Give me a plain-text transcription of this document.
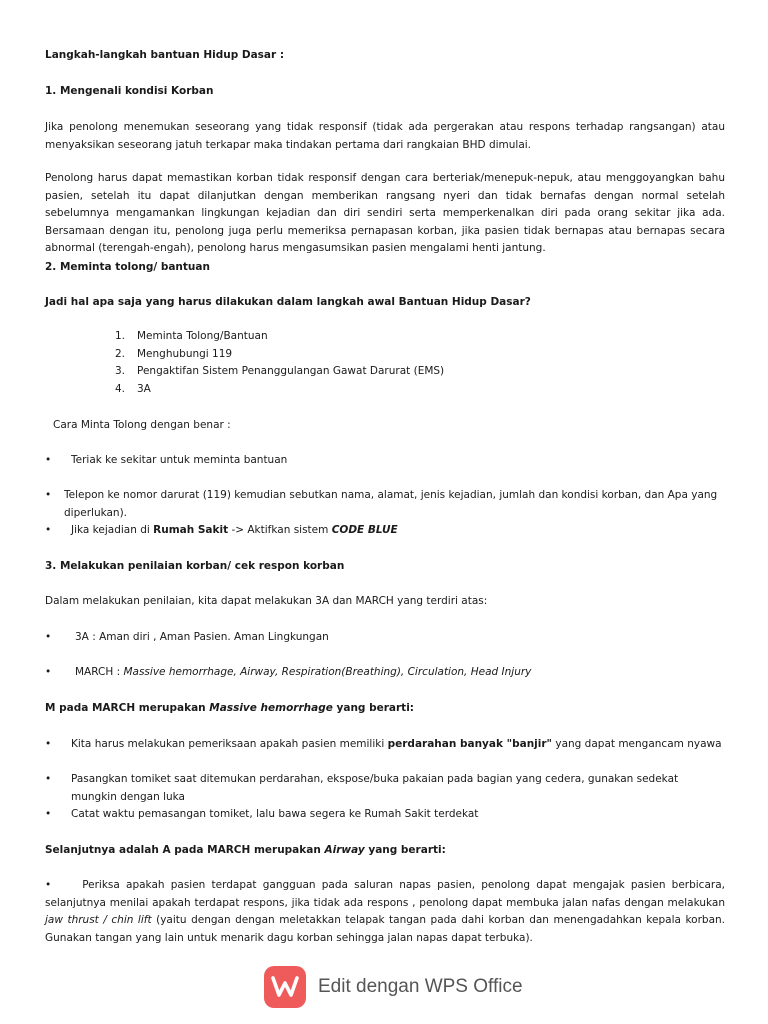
Langkah-langkah bantuan Hidup Dasar :
1. Mengenali kondisi Korban
Jika penolong menemukan seseorang yang tidak responsif (tidak ada pergerakan atau respons terhadap rangsangan) atau menyaksikan seseorang jatuh terkapar maka tindakan pertama dari rangkaian BHD dimulai.
Penolong harus dapat memastikan korban tidak responsif dengan cara berteriak/menepuk-nepuk, atau menggoyangkan bahu pasien, setelah itu dapat dilanjutkan dengan memberikan rangsang nyeri dan tidak bernafas dengan normal setelah sebelumnya mengamankan lingkungan kejadian dan diri sendiri serta memperkenalkan diri pada orang sekitar jika ada. Bersamaan dengan itu, penolong juga perlu memeriksa pernapasan korban, jika pasien tidak bernapas atau bernapas secara abnormal (terengah-engah), penolong harus mengasumsikan pasien mengalami henti jantung.
2. Meminta tolong/ bantuan
Jadi hal apa saja yang harus dilakukan dalam langkah awal Bantuan Hidup Dasar?
1.	Meminta Tolong/Bantuan
2.	Menghubungi 119
3.	Pengaktifan Sistem Penanggulangan Gawat Darurat (EMS)
4.	3A
Cara Minta Tolong dengan benar :
•	Teriak ke sekitar untuk meminta bantuan
•	Telepon ke nomor darurat (119) kemudian sebutkan nama, alamat, jenis kejadian, jumlah dan kondisi korban, dan Apa yang diperlukan).
•	Jika kejadian di Rumah Sakit -> Aktifkan sistem CODE BLUE
3. Melakukan penilaian korban/ cek respon korban
Dalam melakukan penilaian, kita dapat melakukan 3A dan MARCH yang terdiri atas:
•	3A : Aman diri , Aman Pasien. Aman Lingkungan
•	MARCH : Massive hemorrhage, Airway, Respiration(Breathing), Circulation, Head Injury
M pada MARCH merupakan Massive hemorrhage yang berarti:
•	Kita harus melakukan pemeriksaan apakah pasien memiliki perdarahan banyak "banjir" yang dapat mengancam nyawa
•	Pasangkan tomiket saat ditemukan perdarahan, ekspose/buka pakaian pada bagian yang cedera, gunakan sedekat mungkin dengan luka
•	Catat waktu pemasangan tomiket, lalu bawa segera ke Rumah Sakit terdekat
Selanjutnya adalah A pada MARCH merupakan Airway yang berarti:
•	Periksa apakah pasien terdapat gangguan pada saluran napas pasien, penolong dapat mengajak pasien berbicara, selanjutnya menilai apakah terdapat respons, jika tidak ada respons , penolong dapat membuka jalan nafas dengan melakukan jaw thrust / chin lift (yaitu dengan dengan meletakkan telapak tangan pada dahi korban dan menengadahkan kepala korban. Gunakan tangan yang lain untuk menarik dagu korban sehingga jalan napas dapat terbuka).
Edit dengan WPS Office
